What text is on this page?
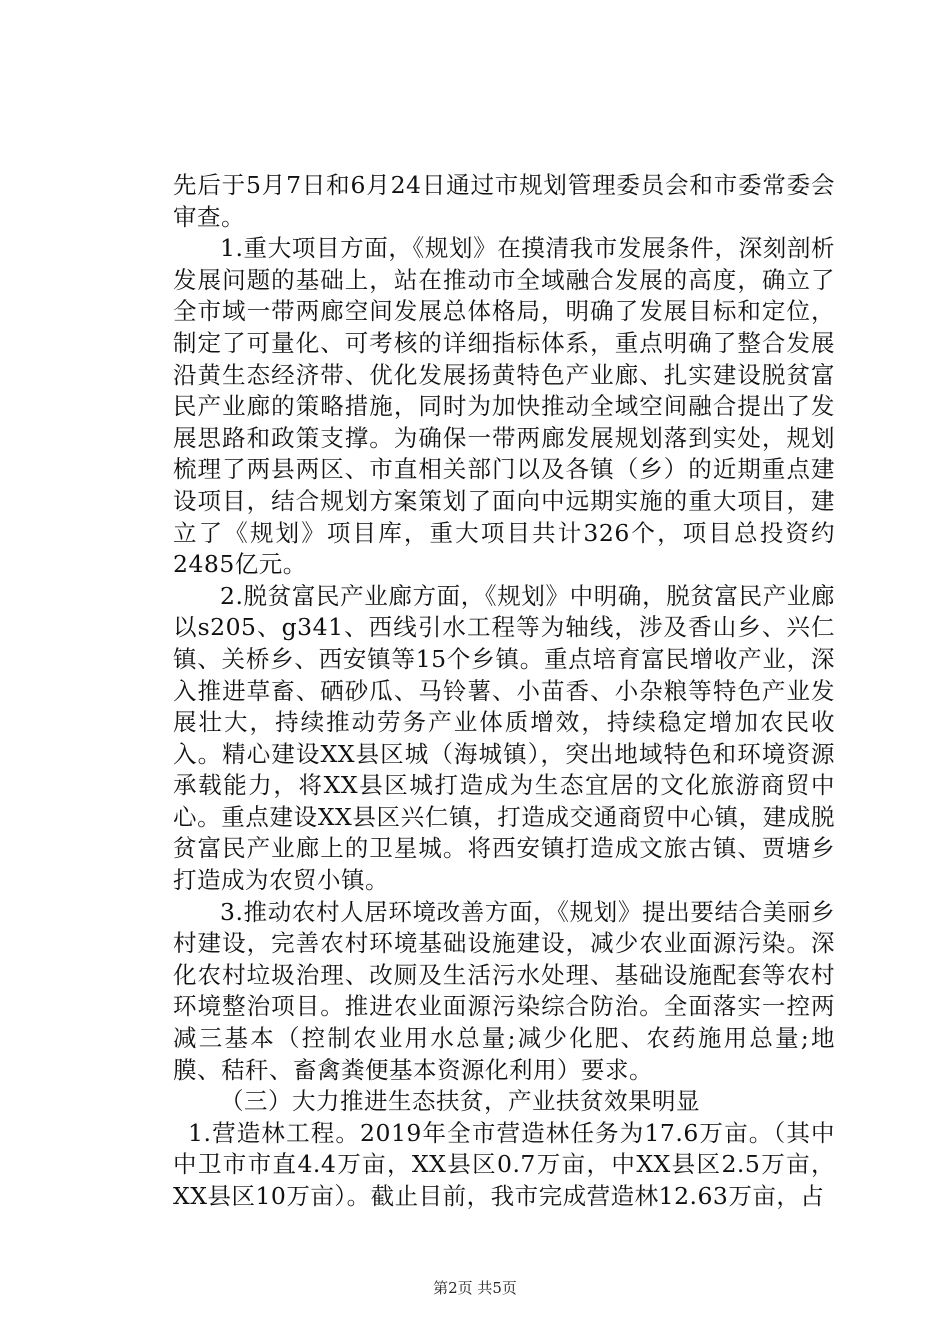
先后于5月7日和6月24日通过市规划管理委员会和市委常委会审查。

1.重大项目方面，《规划》在摸清我市发展条件，深刻剖析发展问题的基础上，站在推动市全域融合发展的高度，确立了全市域一带两廊空间发展总体格局，明确了发展目标和定位，制定了可量化、可考核的详细指标体系，重点明确了整合发展沿黄生态经济带、优化发展扬黄特色产业廊、扎实建设脱贫富民产业廊的策略措施，同时为加快推动全域空间融合提出了发展思路和政策支撑。为确保一带两廊发展规划落到实处，规划梳理了两县两区、市直相关部门以及各镇（乡）的近期重点建设项目，结合规划方案策划了面向中远期实施的重大项目，建立了《规划》项目库，重大项目共计326个，项目总投资约2485亿元。

2.脱贫富民产业廊方面，《规划》中明确，脱贫富民产业廊以s205、g341、西线引水工程等为轴线，涉及香山乡、兴仁镇、关桥乡、西安镇等15个乡镇。重点培育富民增收产业，深入推进草畜、硒砂瓜、马铃薯、小苗香、小杂粮等特色产业发展壮大，持续推动劳务产业体质增效，持续稳定增加农民收入。精心建设XX县区城（海城镇），突出地域特色和环境资源承载能力，将XX县区城打造成为生态宜居的文化旅游商贸中心。重点建设XX县区兴仁镇，打造成交通商贸中心镇，建成脱贫富民产业廊上的卫星城。将西安镇打造成文旅古镇、贾塘乡打造成为农贸小镇。

3.推动农村人居环境改善方面，《规划》提出要结合美丽乡村建设，完善农村环境基础设施建设，减少农业面源污染。深化农村垃圾治理、改厕及生活污水处理、基础设施配套等农村环境整治项目。推进农业面源污染综合防治。全面落实一控两减三基本（控制农业用水总量;减少化肥、农药施用总量;地膜、秸秆、畜禽粪便基本资源化利用）要求。

（三）大力推进生态扶贫，产业扶贫效果明显

1.营造林工程。2019年全市营造林任务为17.6万亩。（其中中卫市市直4.4万亩，XX县区0.7万亩，中XX县区2.5万亩，XX县区10万亩）。截止目前，我市完成营造林12.63万亩，占

第2页 共5页
